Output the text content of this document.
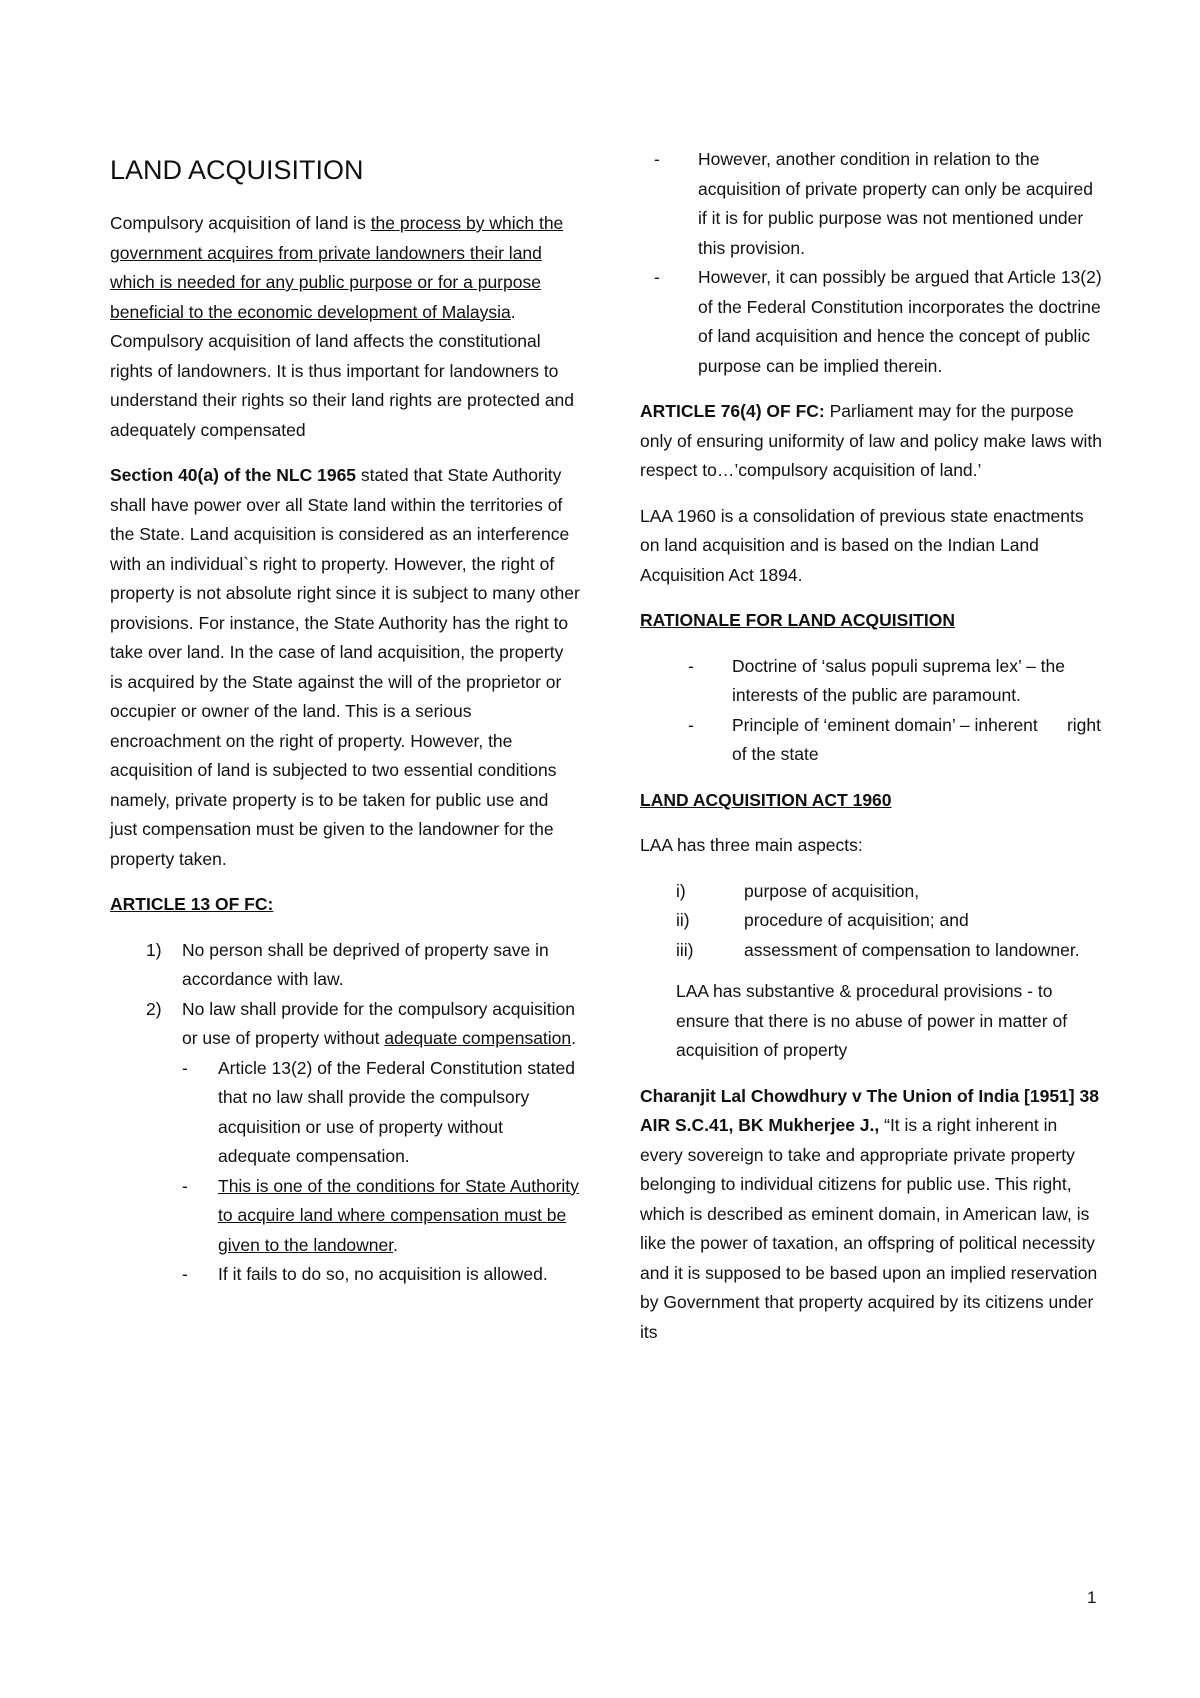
LAND ACQUISITION

Compulsory acquisition of land is the process by which the government acquires from private landowners their land which is needed for any public purpose or for a purpose beneficial to the economic development of Malaysia. Compulsory acquisition of land affects the constitutional rights of landowners. It is thus important for landowners to understand their rights so their land rights are protected and adequately compensated

Section 40(a) of the NLC 1965 stated that State Authority shall have power over all State land within the territories of the State. Land acquisition is considered as an interference with an individual`s right to property. However, the right of property is not absolute right since it is subject to many other provisions. For instance, the State Authority has the right to take over land. In the case of land acquisition, the property is acquired by the State against the will of the proprietor or occupier or owner of the land. This is a serious encroachment on the right of property. However, the acquisition of land is subjected to two essential conditions namely, private property is to be taken for public use and just compensation must be given to the landowner for the property taken.

ARTICLE 13 OF FC:
1) No person shall be deprived of property save in accordance with law.
2) No law shall provide for the compulsory acquisition or use of property without adequate compensation.
- Article 13(2) of the Federal Constitution stated that no law shall provide the compulsory acquisition or use of property without adequate compensation.
- This is one of the conditions for State Authority to acquire land where compensation must be given to the landowner.
- If it fails to do so, no acquisition is allowed.
- However, another condition in relation to the acquisition of private property can only be acquired if it is for public purpose was not mentioned under this provision.
- However, it can possibly be argued that Article 13(2) of the Federal Constitution incorporates the doctrine of land acquisition and hence the concept of public purpose can be implied therein.

ARTICLE 76(4) OF FC: Parliament may for the purpose only of ensuring uniformity of law and policy make laws with respect to…’compulsory acquisition of land.’

LAA 1960 is a consolidation of previous state enactments on land acquisition and is based on the Indian Land Acquisition Act 1894.

RATIONALE FOR LAND ACQUISITION
- Doctrine of ‘salus populi suprema lex’ – the interests of the public are paramount.
- Principle of ‘eminent domain’ – inherent      right of the state
LAND ACQUISITION ACT 1960

LAA has three main aspects:

i)	purpose of acquisition,
ii)	procedure of acquisition; and
iii)	assessment of compensation to landowner.

LAA has substantive & procedural provisions - to ensure that there is no abuse of power in matter of acquisition of property

Charanjit Lal Chowdhury v The Union of India [1951] 38 AIR S.C.41, BK Mukherjee J., “It is a right inherent in every sovereign to take and appropriate private property belonging to individual citizens for public use. This right, which is described as eminent domain, in American law, is like the power of taxation, an offspring of political necessity and it is supposed to be based upon an implied reservation by Government that property acquired by its citizens under its

1
